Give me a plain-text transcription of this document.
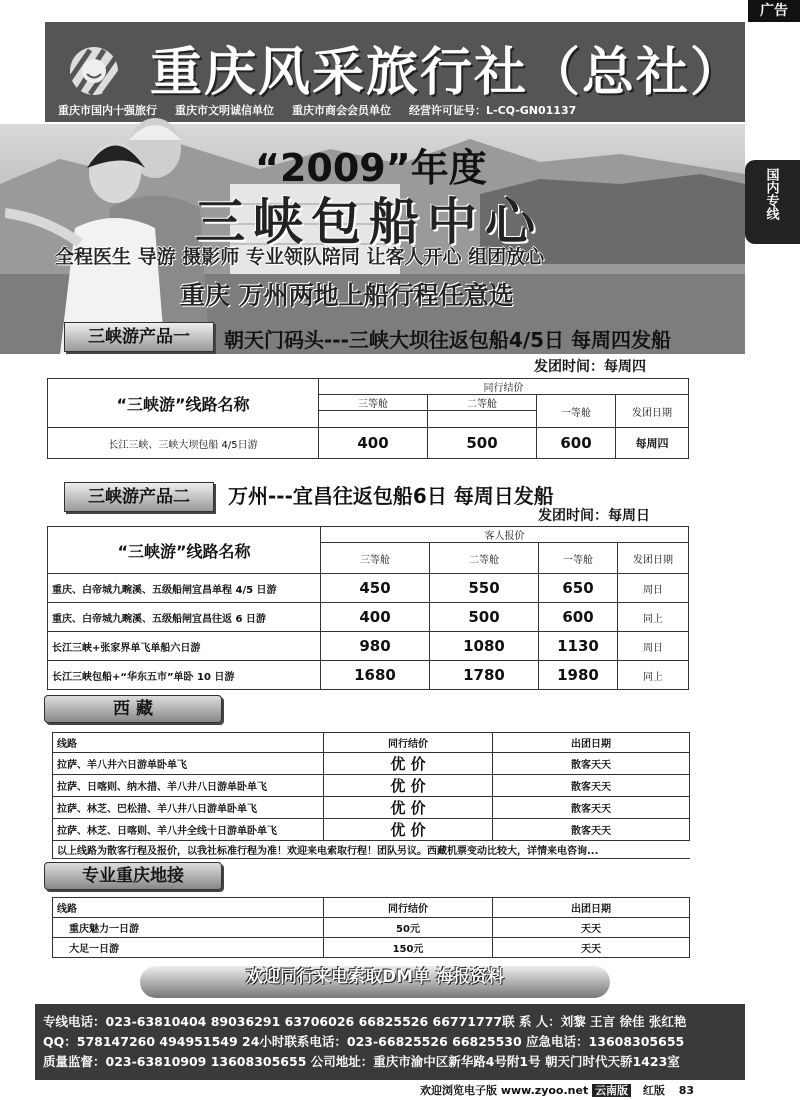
广告
重庆风采旅行社（总社）
重庆市国内十强旅行 重庆市文明诚信单位 重庆市商会会员单位 经营许可证号：L-CQ-GN01137
“2009”年度
三峡包船中心
全程医生 导游 摄影师 专业领队陪同 让客人开心 组团放心
重庆 万州两地上船行程任意选
国内专线
三峡游产品一	朝天门码头---三峡大坝往返包船4/5日 每周四发船
发团时间：每周四
“三峡游”线路名称	同行结价			
	三等舱	二等舱	一等舱	发团日期

长江三峡、三峡大坝包船 4/5日游	400	500	600	每周四
三峡游产品二	万州---宜昌往返包船6日 每周日发船
发团时间：每周日
“三峡游”线路名称	客人报价			
	三等舱	二等舱	一等舱	发团日期
重庆、白帝城九畹溪、五级船闸宜昌单程 4/5 日游	450	550	650	周日
重庆、白帝城九畹溪、五级船闸宜昌往返 6 日游	400	500	600	同上
长江三峡+张家界单飞单船六日游	980	1080	1130	周日
长江三峡包船+“华东五市”单卧 10 日游	1680	1780	1980	同上
西 藏
线路	同行结价	出团日期
拉萨、羊八井六日游单卧单飞	优 价	散客天天
拉萨、日喀则、纳木措、羊八井八日游单卧单飞	优 价	散客天天
拉萨、林芝、巴松措、羊八井八日游单卧单飞	优 价	散客天天
拉萨、林芝、日喀则、羊八井全线十日游单卧单飞	优 价	散客天天
以上线路为散客行程及报价，以我社标准行程为准！欢迎来电索取行程！团队另议。西藏机票变动比较大，详情来电咨询...		
专业重庆地接
线路	同行结价	出团日期
重庆魅力一日游	50元	天天
大足一日游	150元	天天
欢迎同行来电索取DM单 海报资料
专线电话：023-63810404 89036291 63706026 66825526 66771777联 系 人：刘黎 王言 徐佳 张红艳
QQ：578147260 494951549 24小时联系电话：023-66825526 66825530 应急电话：13608305655
质量监督：023-63810909 13608305655 公司地址：重庆市渝中区新华路4号附1号 朝天门时代天骄1423室
欢迎浏览电子版 www.zyoo.net 云南版 红版 83
